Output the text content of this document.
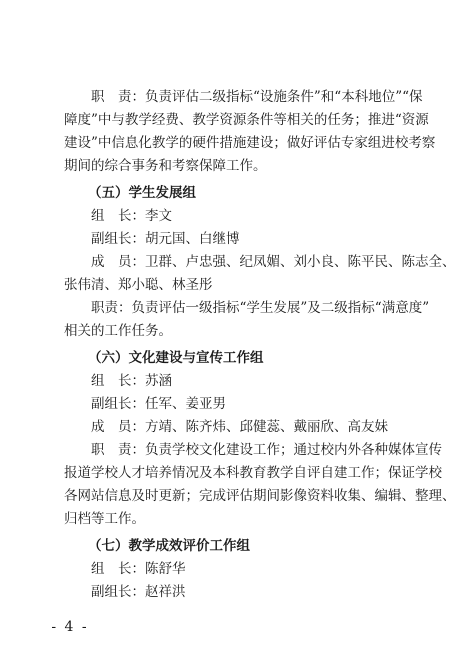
职　责：负责评估二级指标“设施条件”和“本科地位”“保
障度”中与教学经费、教学资源条件等相关的任务；推进“资源
建设”中信息化教学的硬件措施建设；做好评估专家组进校考察
期间的综合事务和考察保障工作。
（五）学生发展组
组　长：李文
副组长：胡元国、白继博
成　员：卫群、卢忠强、纪凤媚、刘小良、陈平民、陈志全、
张伟清、郑小聪、林圣彤
职责：负责评估一级指标“学生发展”及二级指标“满意度”
相关的工作任务。
（六）文化建设与宣传工作组
组　长：苏涵
副组长：任军、姜亚男
成　员：方靖、陈齐炜、邱健蕊、戴丽欣、高友妹
职　责：负责学校文化建设工作；通过校内外各种媒体宣传
报道学校人才培养情况及本科教育教学自评自建工作；保证学校
各网站信息及时更新；完成评估期间影像资料收集、编辑、整理、
归档等工作。
（七）教学成效评价工作组
组　长：陈舒华
副组长：赵祥洪
- 4 -
